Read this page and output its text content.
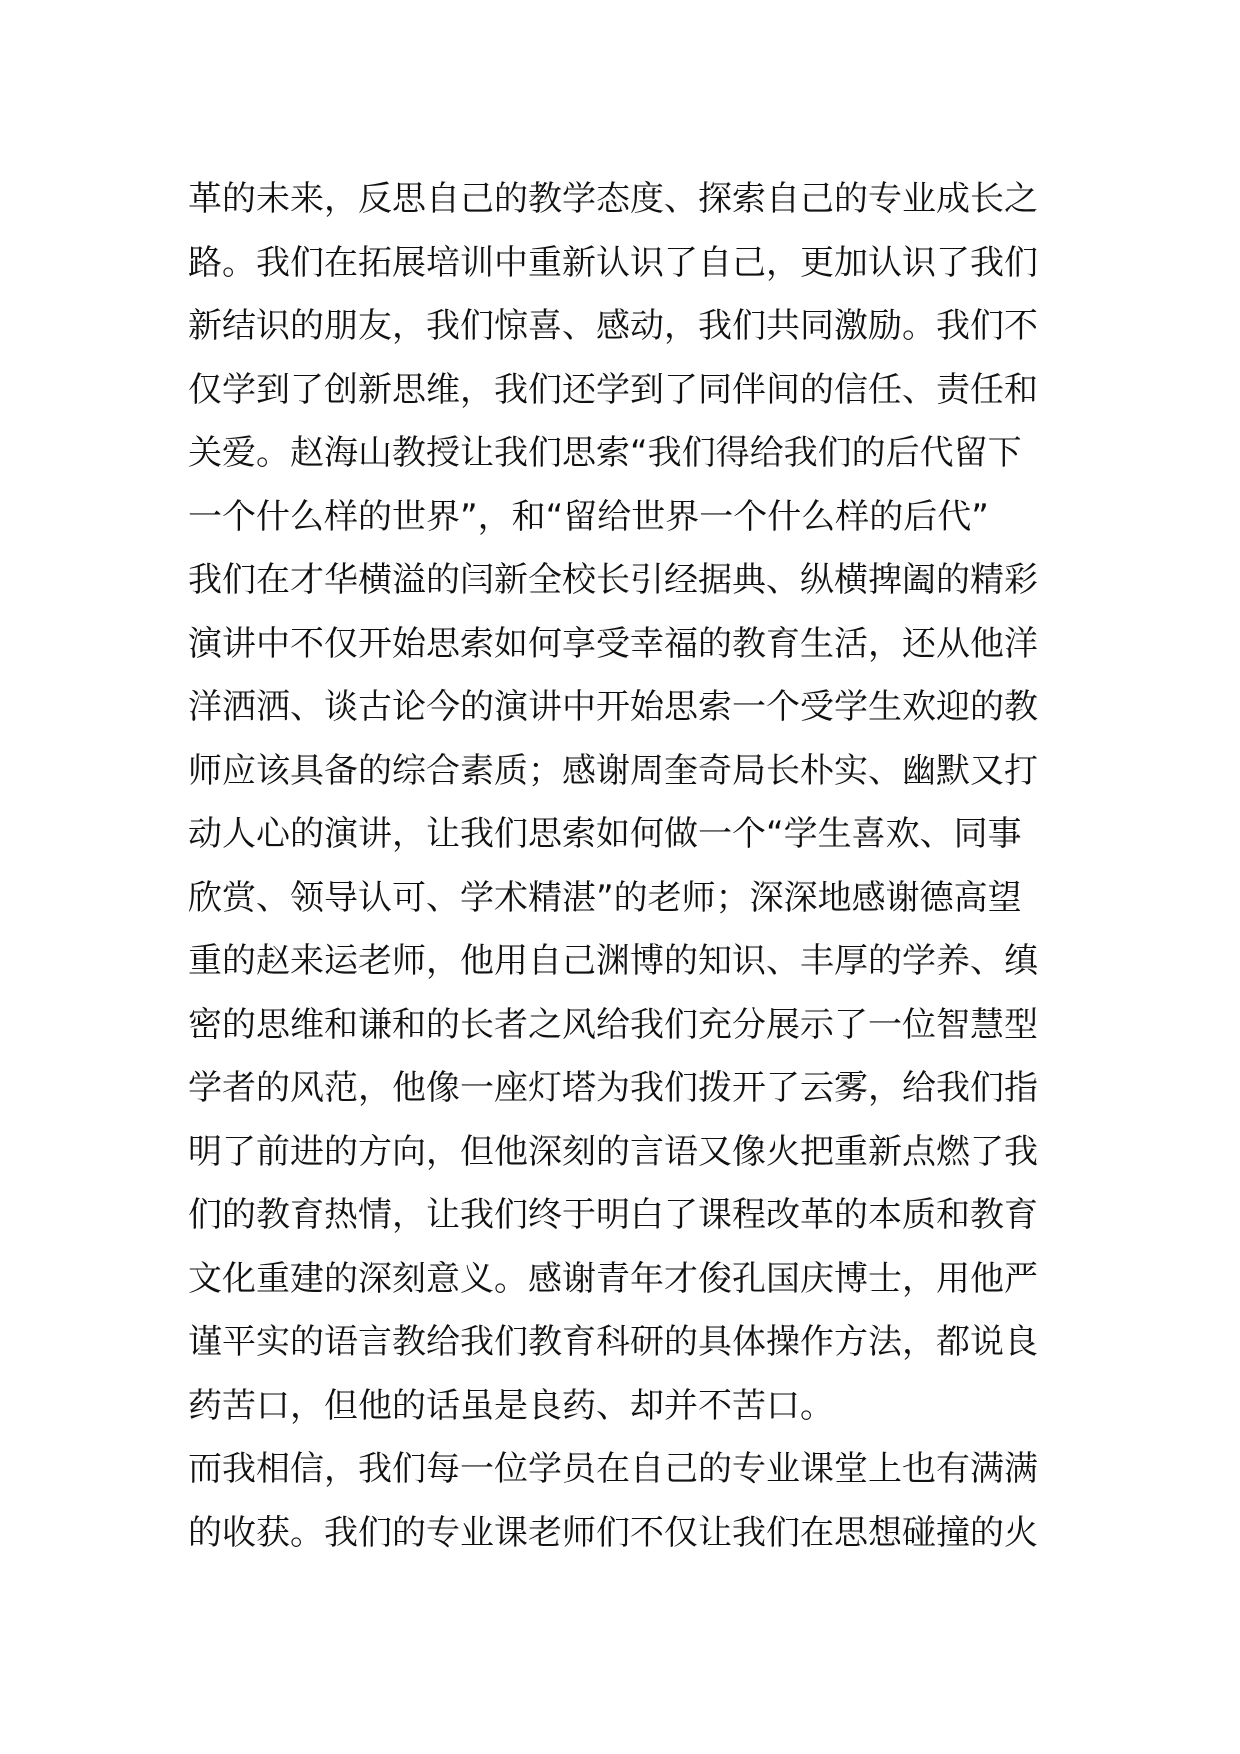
革的未来，反思自己的教学态度、探索自己的专业成长之
路。我们在拓展培训中重新认识了自己，更加认识了我们
新结识的朋友，我们惊喜、感动，我们共同激励。我们不
仅学到了创新思维，我们还学到了同伴间的信任、责任和
关爱。赵海山教授让我们思索“我们得给我们的后代留下
一个什么样的世界”，和“留给世界一个什么样的后代”
我们在才华横溢的闫新全校长引经据典、纵横捭阖的精彩
演讲中不仅开始思索如何享受幸福的教育生活，还从他洋
洋洒洒、谈古论今的演讲中开始思索一个受学生欢迎的教
师应该具备的综合素质；感谢周奎奇局长朴实、幽默又打
动人心的演讲，让我们思索如何做一个“学生喜欢、同事
欣赏、领导认可、学术精湛”的老师；深深地感谢德高望
重的赵来运老师，他用自己渊博的知识、丰厚的学养、缜
密的思维和谦和的长者之风给我们充分展示了一位智慧型
学者的风范，他像一座灯塔为我们拨开了云雾，给我们指
明了前进的方向，但他深刻的言语又像火把重新点燃了我
们的教育热情，让我们终于明白了课程改革的本质和教育
文化重建的深刻意义。感谢青年才俊孔国庆博士，用他严
谨平实的语言教给我们教育科研的具体操作方法，都说良
药苦口，但他的话虽是良药、却并不苦口。
而我相信，我们每一位学员在自己的专业课堂上也有满满
的收获。我们的专业课老师们不仅让我们在思想碰撞的火
